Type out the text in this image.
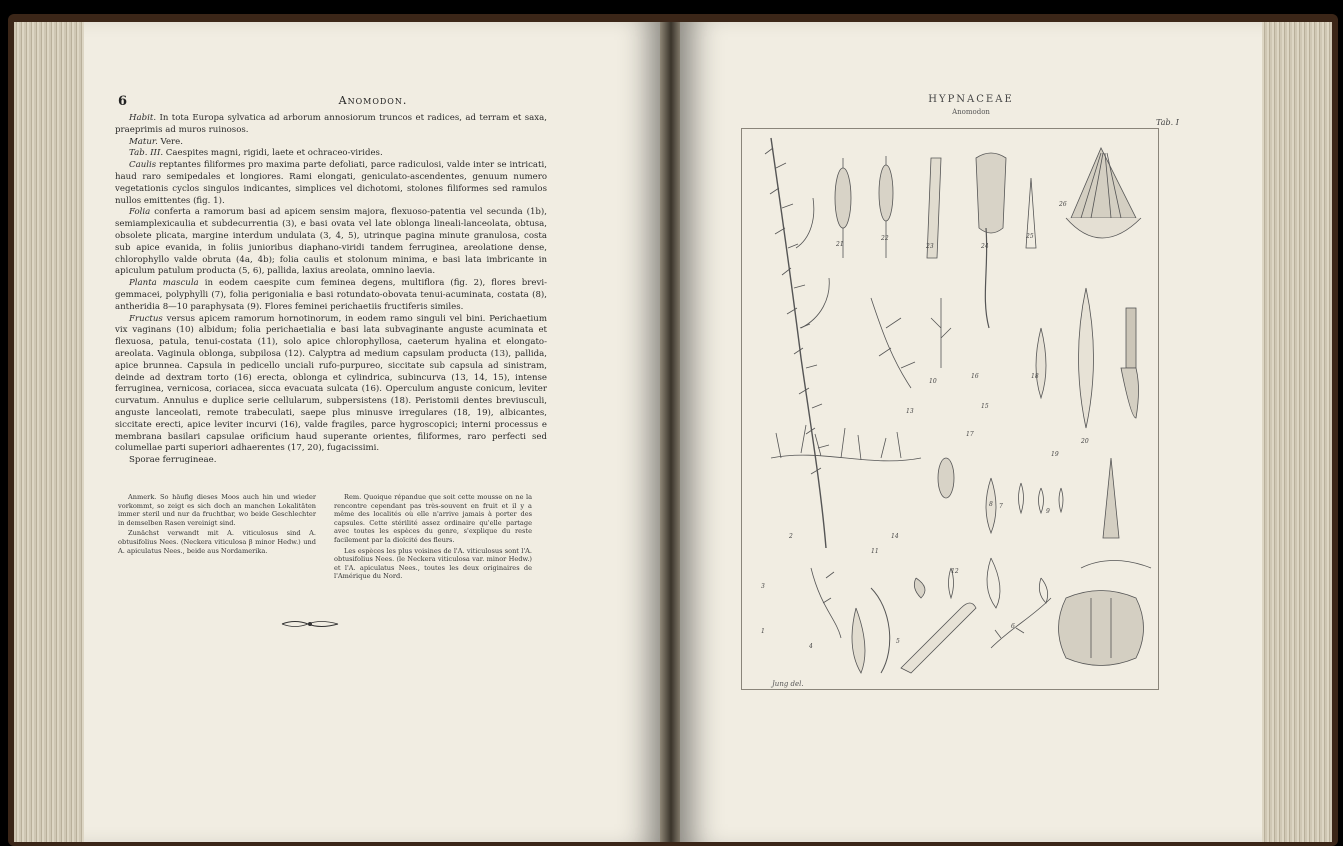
6	Anomodon.

Habit. In tota Europa sylvatica ad arborum annosiorum truncos et radices, ad terram et saxa, praeprimis ad muros ruinosos.

Matur. Vere.

Tab. III. Caespites magni, rigidi, laete et ochraceo-virides.

Caulis reptantes filiformes pro maxima parte defoliati, parce radiculosi, valde inter se intricati, haud raro semipedales et longiores. Rami elongati, geniculato-ascendentes, genuum numero vegetationis cyclos singulos indicantes, simplices vel dichotomi, stolones filiformes sed ramulos nullos emittentes (fig. 1).

Folia conferta a ramorum basi ad apicem sensim majora, flexuoso-patentia vel secunda (1b), semiamplexicaulia et subdecurrentia (3), e basi ovata vel late oblonga lineali-lanceolata, obtusa, obsolete plicata, margine interdum undulata (3, 4, 5), utrinque pagina minute granulosa, costa sub apice evanida, in foliis junioribus diaphano-viridi tandem ferruginea, areolatione dense, chlorophyllo valde obruta (4a, 4b); folia caulis et stolonum minima, e basi lata imbricante in apiculum patulum producta (5, 6), pallida, laxius areolata, omnino laevia.

Planta mascula in eodem caespite cum feminea degens, multiflora (fig. 2), flores brevi-gemmacei, polyphylli (7), folia perigonialia e basi rotundato-obovata tenui-acuminata, costata (8), antheridia 8—10 paraphysata (9). Flores feminei perichaetiis fructiferis similes.

Fructus versus apicem ramorum hornotinorum, in eodem ramo singuli vel bini. Perichaetium vix vaginans (10) albidum; folia perichaetialia e basi lata subvaginante anguste acuminata et flexuosa, patula, tenui-costata (11), solo apice chlorophyllosa, caeterum hyalina et elongato-areolata. Vaginula oblonga, subpilosa (12). Calyptra ad medium capsulam producta (13), pallida, apice brunnea. Capsula in pedicello unciali rufo-purpureo, siccitate sub capsula ad sinistram, deinde ad dextram torto (16) erecta, oblonga et cylindrica, subincurva (13, 14, 15), intense ferruginea, vernicosa, coriacea, sicca evacuata sulcata (16). Operculum anguste conicum, leviter curvatum. Annulus e duplice serie cellularum, subpersistens (18). Peristomii dentes breviusculi, anguste lanceolati, remote trabeculati, saepe plus minusve irregulares (18, 19), albicantes, siccitate erecti, apice leviter incurvi (16), valde fragiles, parce hygroscopici; interni processus e membrana basilari capsulae orificium haud superante orientes, filiformes, raro perfecti sed columellae parti superiori adhaerentes (17, 20), fugacissimi.

Sporae ferrugineae.

Anmerk. So häufig dieses Moos auch hin und wieder vorkommt, so zeigt es sich doch an manchen Lokalitäten immer steril und nur da fruchtbar, wo beide Geschlechter in demselben Rasen vereinigt sind.

Zunächst verwandt mit A. viticulosus sind A. obtusifolius Nees. (Neckera viticulosa β minor Hedw.) und A. apiculatus Nees., beide aus Nordamerika.

Rem. Quoique répandue que soit cette mousse on ne la rencontre cependant pas très-souvent en fruit et il y a même des localités où elle n'arrive jamais à porter des capsules. Cette stérilité assez ordinaire qu'elle partage avec toutes les espèces du genre, s'explique du reste facilement par la dioïcité des fleurs.

Les espèces les plus voisines de l'A. viticulosus sont l'A. obtusifolius Nees. (le Neckera viticulosa var. minor Hedw.) et l'A. apiculatus Nees., toutes les deux originaires de l'Amérique du Nord.

HYPNACEAE
Anomodon
Tab. I
1
2
3
4
5
6
7
8
9
10
11
12
13
14
15
16
17
18
19
20
21
22
23	24
25
26
Jung del.
